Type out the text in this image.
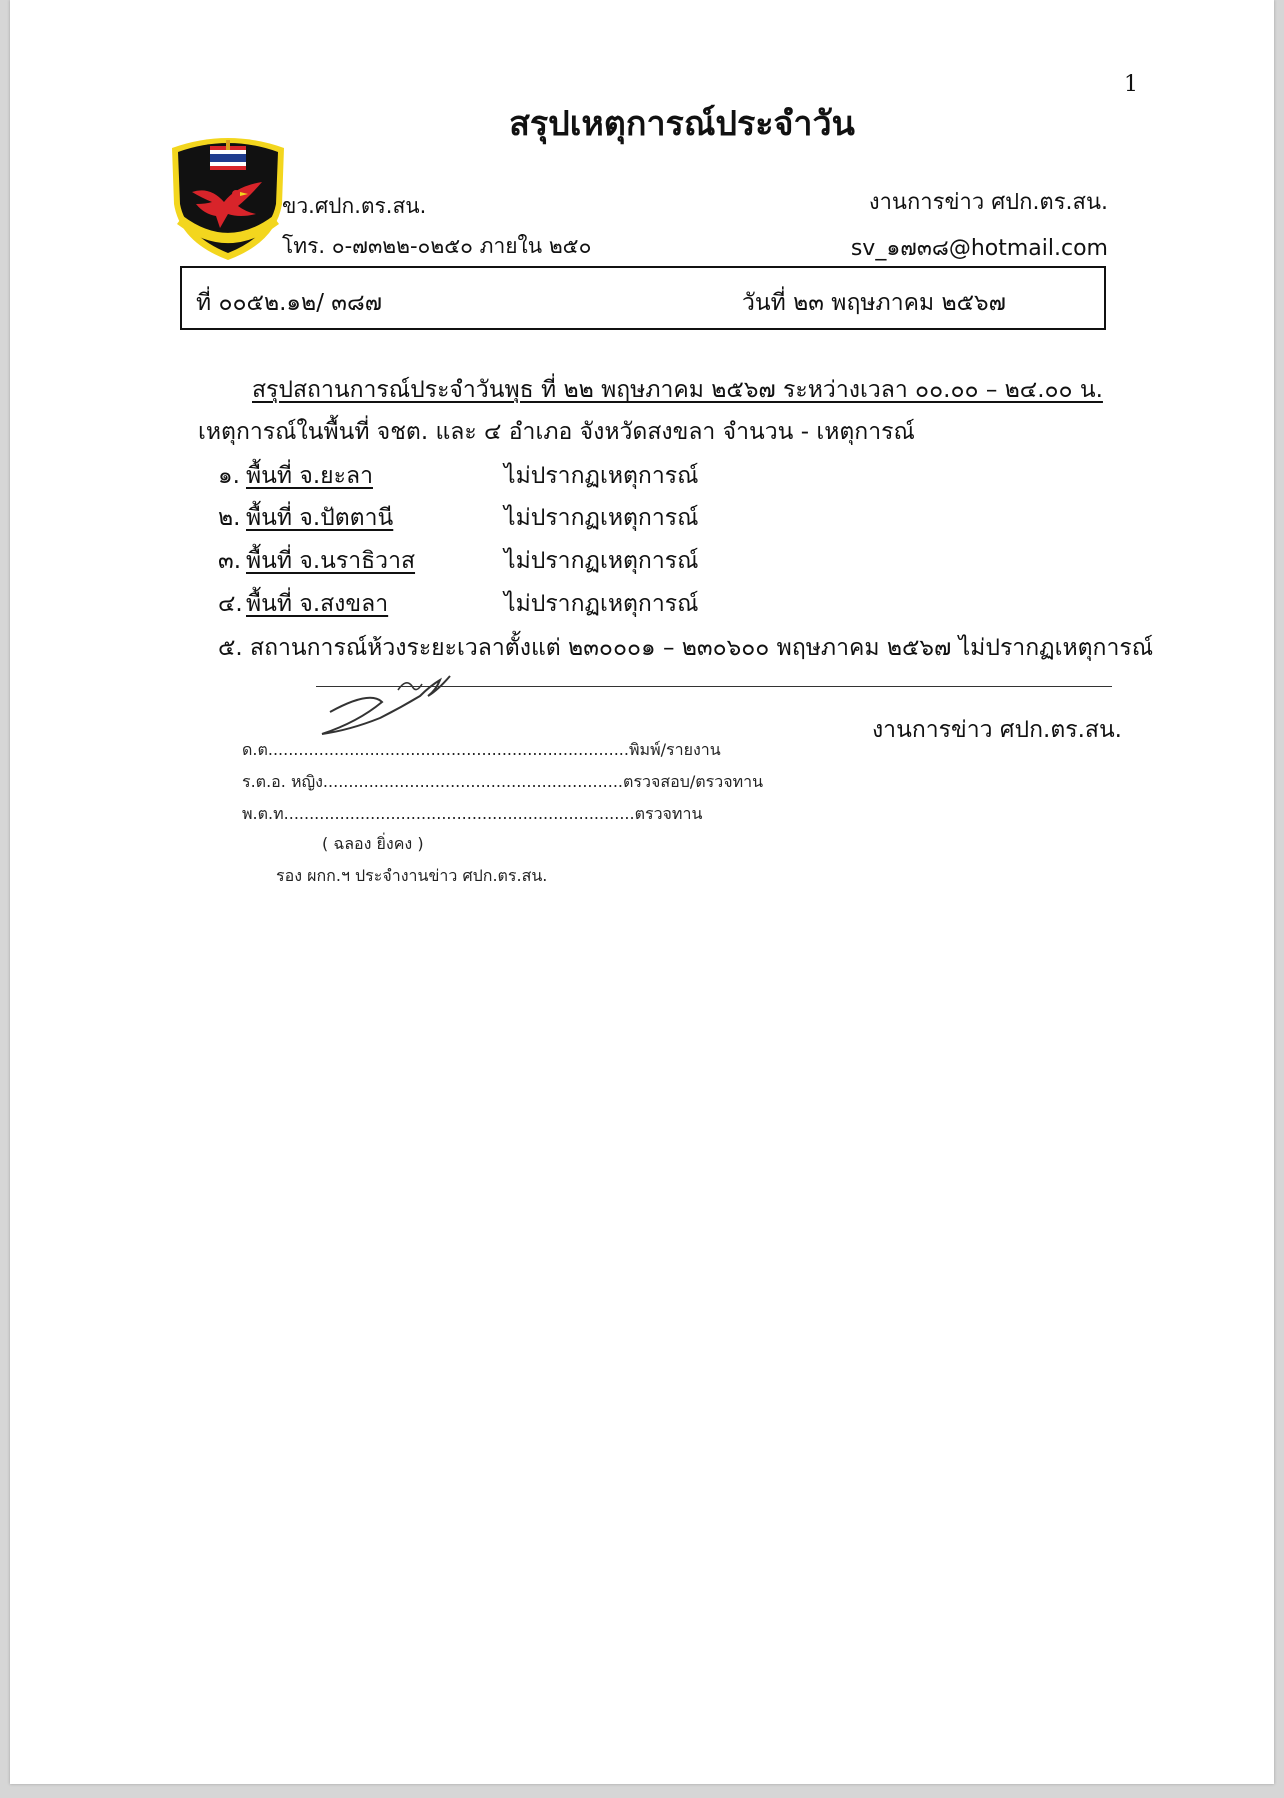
1
สรุปเหตุการณ์ประจำวัน
ขว.ศปก.ตร.สน.
โทร. ๐-๗๓๒๒-๐๒๕๐ ภายใน ๒๕๐
งานการข่าว ศปก.ตร.สน.
sv_๑๗๓๘@hotmail.com
ที่ ๐๐๕๒.๑๒/ ๓๘๗	วันที่ ๒๓ พฤษภาคม ๒๕๖๗
สรุปสถานการณ์ประจำวันพุธ ที่ ๒๒ พฤษภาคม ๒๕๖๗ ระหว่างเวลา ๐๐.๐๐ – ๒๔.๐๐ น.
เหตุการณ์ในพื้นที่ จชต. และ ๔ อำเภอ จังหวัดสงขลา จำนวน - เหตุการณ์
๑. พื้นที่ จ.ยะลา	ไม่ปรากฏเหตุการณ์
๒. พื้นที่ จ.ปัตตานี	ไม่ปรากฏเหตุการณ์
๓. พื้นที่ จ.นราธิวาส	ไม่ปรากฏเหตุการณ์
๔. พื้นที่ จ.สงขลา	ไม่ปรากฏเหตุการณ์
๕. สถานการณ์ห้วงระยะเวลาตั้งแต่ ๒๓๐๐๐๑ – ๒๓๐๖๐๐ พฤษภาคม ๒๕๖๗ ไม่ปรากฏเหตุการณ์
งานการข่าว ศปก.ตร.สน.
ด.ต.......................................................................พิมพ์/รายงาน
ร.ต.อ. หญิง...........................................................ตรวจสอบ/ตรวจทาน
พ.ต.ท.....................................................................ตรวจทาน
( ฉลอง ยิ่งคง )
รอง ผกก.ฯ ประจำงานข่าว ศปก.ตร.สน.
